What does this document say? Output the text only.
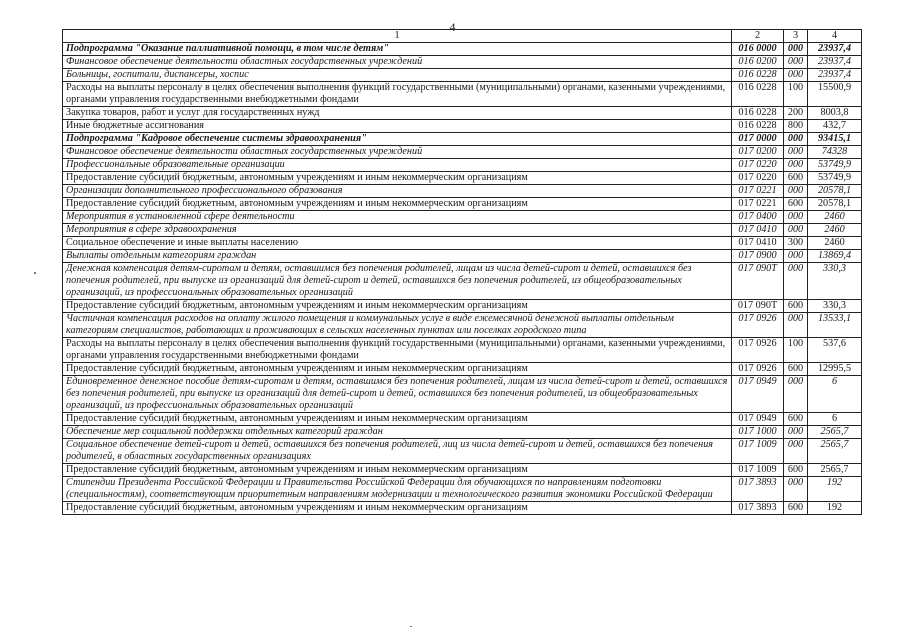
4
1	2	3	4
Подпрограмма "Оказание паллиативной помощи, в том числе детям"	016 0000	000	23937,4
Финансовое обеспечение деятельности областных государственных учреждений	016 0200	000	23937,4
Больницы, госпитали, диспансеры, хоспис	016 0228	000	23937,4
Расходы на выплаты персоналу в целях обеспечения выполнения функций государственными (муниципальными) органами, казенными учреждениями, органами управления государственными внебюджетными фондами	016 0228	100	15500,9
Закупка товаров, работ и услуг для государственных нужд	016 0228	200	8003,8
Иные бюджетные ассигнования	016 0228	800	432,7
Подпрограмма "Кадровое обеспечение системы здравоохранения"	017 0000	000	93415,1
Финансовое обеспечение деятельности областных государственных учреждений	017 0200	000	74328
Профессиональные образовательные организации	017 0220	000	53749,9
Предоставление субсидий бюджетным, автономным учреждениям и иным некоммерческим организациям	017 0220	600	53749,9
Организации дополнительного профессионального образования	017 0221	000	20578,1
Предоставление субсидий бюджетным, автономным учреждениям и иным некоммерческим организациям	017 0221	600	20578,1
Мероприятия в установленной сфере деятельности	017 0400	000	2460
Мероприятия в сфере здравоохранения	017 0410	000	2460
Социальное обеспечение и иные выплаты населению	017 0410	300	2460
Выплаты отдельным категориям граждан	017 0900	000	13869,4
Денежная компенсация детям-сиротам и детям, оставшимся без попечения родителей, лицам из числа детей-сирот и детей, оставшихся без попечения родителей, при выпуске из организаций для детей-сирот и детей, оставшихся без попечения родителей, из общеобразовательных организаций, из профессиональных образовательных организаций	017 090Т	000	330,3
Предоставление субсидий бюджетным, автономным учреждениям и иным некоммерческим организациям	017 090Т	600	330,3
Частичная компенсация расходов на оплату жилого помещения и коммунальных услуг в виде ежемесячной денежной выплаты отдельным категориям специалистов, работающих и проживающих в сельских населенных пунктах или поселках городского типа	017 0926	000	13533,1
Расходы на выплаты персоналу в целях обеспечения выполнения функций государственными (муниципальными) органами, казенными учреждениями, органами управления государственными внебюджетными фондами	017 0926	100	537,6
Предоставление субсидий бюджетным, автономным учреждениям и иным некоммерческим организациям	017 0926	600	12995,5
Единовременное денежное пособие детям-сиротам и детям, оставшимся без попечения родителей, лицам из числа детей-сирот и детей, оставшихся без попечения родителей, при выпуске из организаций для детей-сирот и детей, оставшихся без попечения родителей, из общеобразовательных организаций, из профессиональных образовательных организаций	017 0949	000	6
Предоставление субсидий бюджетным, автономным учреждениям и иным некоммерческим организациям	017 0949	600	6
Обеспечение мер социальной поддержки отдельных категорий граждан	017 1000	000	2565,7
Социальное обеспечение детей-сирот и детей, оставшихся без попечения родителей, лиц из числа детей-сирот и детей, оставшихся без попечения родителей, в областных государственных организациях	017 1009	000	2565,7
Предоставление субсидий бюджетным, автономным учреждениям и иным некоммерческим организациям	017 1009	600	2565,7
Стипендии Президента Российской Федерации и Правительства Российской Федерации для обучающихся по направлениям подготовки (специальностям), соответствующим приоритетным направлениям модернизации и технологического развития экономики Российской Федерации	017 3893	000	192
Предоставление субсидий бюджетным, автономным учреждениям и иным некоммерческим организациям	017 3893	600	192
